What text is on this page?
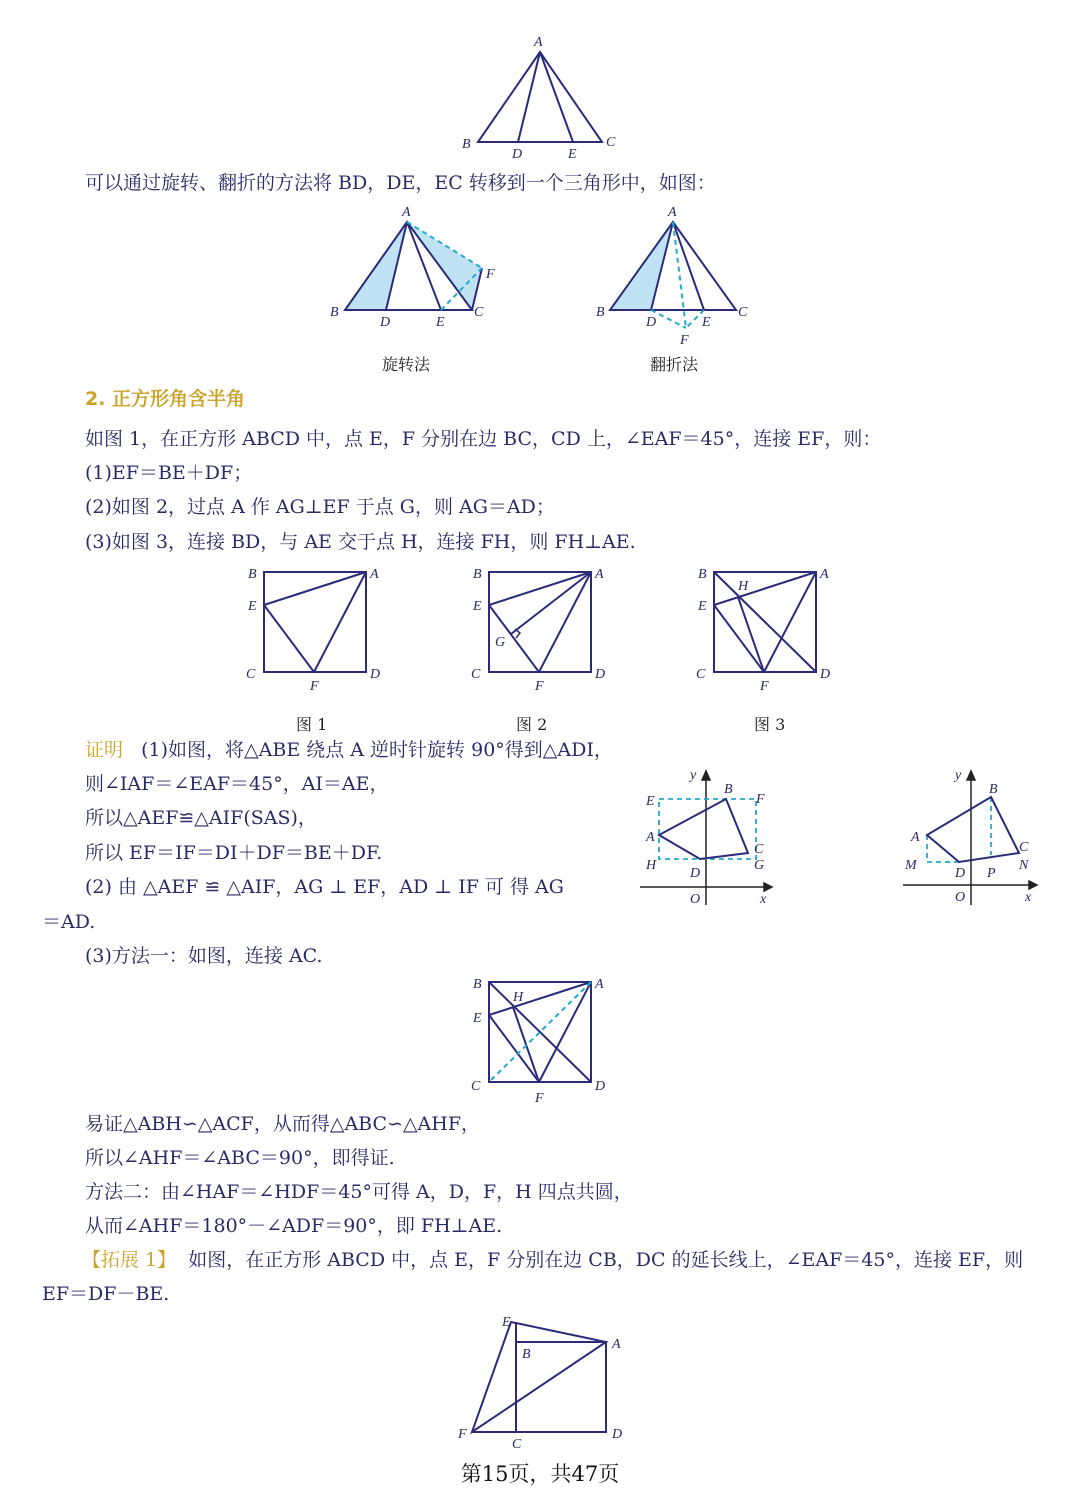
A
B	C
D	E
可以通过旋转、翻折的方法将 BD，DE，EC 转移到一个三角形中，如图：
A
B	C
D	E
F
旋转法
A
B	C
D	E
F
翻折法
2. 正方形角含半角
如图 1，在正方形 ABCD 中，点 E，F 分别在边 BC，CD 上，∠EAF＝45°，连接 EF，则：
(1)EF＝BE＋DF；
(2)如图 2，过点 A 作 AG⊥EF 于点 G，则 AG＝AD；
(3)如图 3，连接 BD，与 AE 交于点 H，连接 FH，则 FH⊥AE.
B	A
E
C	D
F
图 1
B	A
E
G
C	D
F
图 2
B
H
A
E
C	D
F
图 3
证明 (1)如图，将△ABE 绕点 A 逆时针旋转 90°得到△ADI，
则∠IAF＝∠EAF＝45°，AI＝AE，
所以△AEF≌△AIF(SAS)，
所以 EF＝IF＝DI＋DF＝BE＋DF.
(2) 由 △AEF ≌ △AIF，AG ⊥ EF，AD ⊥ IF 可 得 AG
＝AD.
(3)方法一：如图，连接 AC.
y
x
O
E
B
F
A
H
C
G
D
y
x
O
B
A
M
C
N
D P
B
H
A
E
C	D
F
易证△ABH∽△ACF，从而得△ABC∽△AHF，
所以∠AHF＝∠ABC＝90°，即得证.
方法二：由∠HAF＝∠HDF＝45°可得 A，D，F，H 四点共圆，
从而∠AHF＝180°－∠ADF＝90°，即 FH⊥AE.
【拓展 1】 如图，在正方形 ABCD 中，点 E，F 分别在边 CB，DC 的延长线上，∠EAF＝45°，连接 EF，则
EF＝DF－BE.
E
B
A
F
C
D
第15页，共47页
